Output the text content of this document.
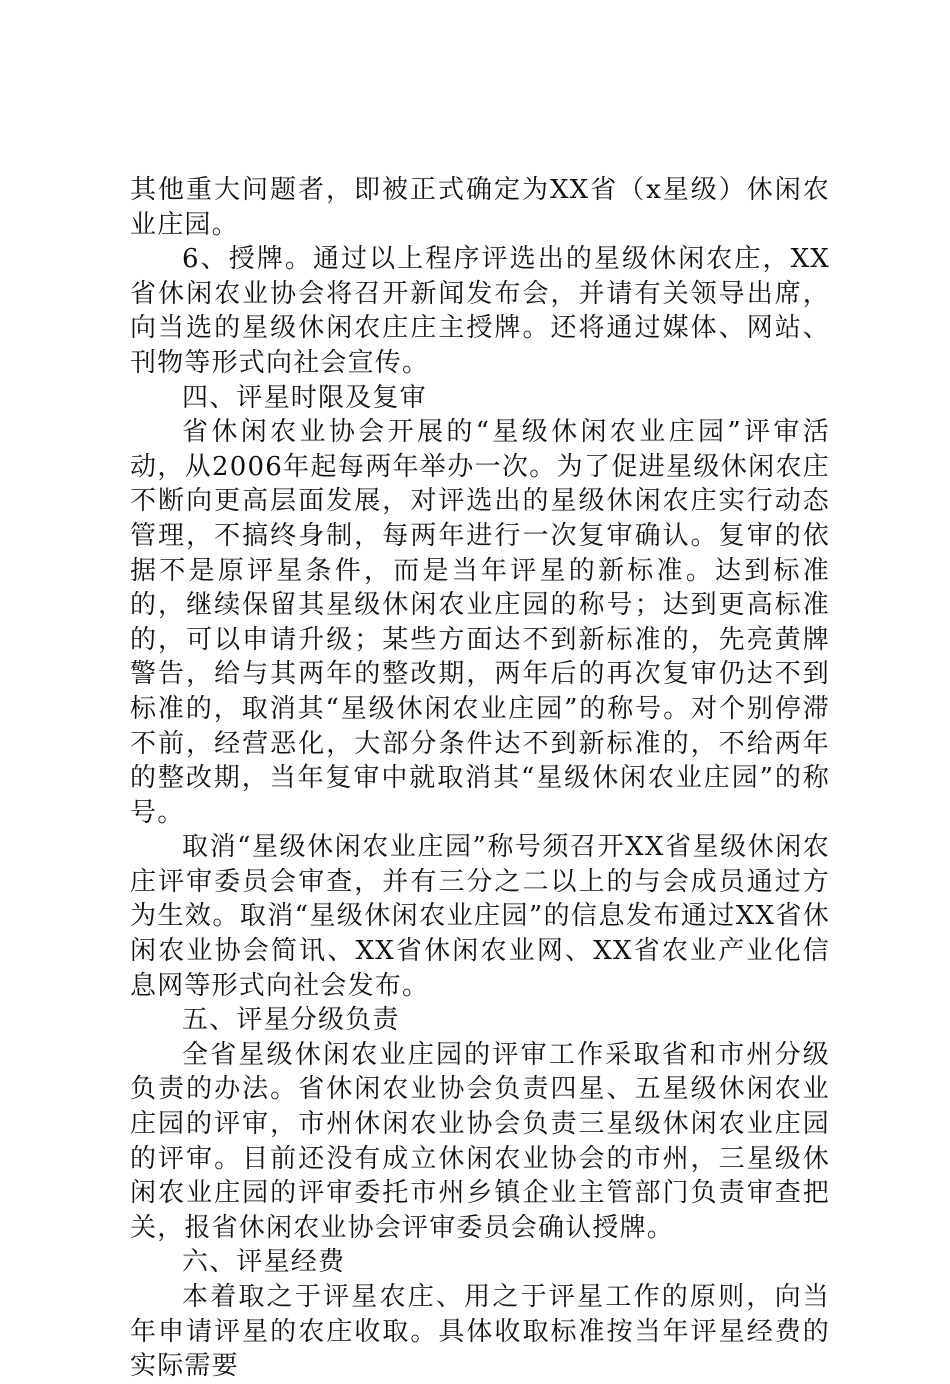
其他重大问题者，即被正式确定为XX省（x星级）休闲农业庄园。

6、授牌。通过以上程序评选出的星级休闲农庄，XX省休闲农业协会将召开新闻发布会，并请有关领导出席，向当选的星级休闲农庄庄主授牌。还将通过媒体、网站、刊物等形式向社会宣传。

四、评星时限及复审

省休闲农业协会开展的“星级休闲农业庄园”评审活动，从2006年起每两年举办一次。为了促进星级休闲农庄不断向更高层面发展，对评选出的星级休闲农庄实行动态管理，不搞终身制，每两年进行一次复审确认。复审的依据不是原评星条件，而是当年评星的新标准。达到标准的，继续保留其星级休闲农业庄园的称号；达到更高标准的，可以申请升级；某些方面达不到新标准的，先亮黄牌警告，给与其两年的整改期，两年后的再次复审仍达不到标准的，取消其“星级休闲农业庄园”的称号。对个别停滞不前，经营恶化，大部分条件达不到新标准的，不给两年的整改期，当年复审中就取消其“星级休闲农业庄园”的称号。

取消“星级休闲农业庄园”称号须召开XX省星级休闲农庄评审委员会审查，并有三分之二以上的与会成员通过方为生效。取消“星级休闲农业庄园”的信息发布通过XX省休闲农业协会简讯、XX省休闲农业网、XX省农业产业化信息网等形式向社会发布。

五、评星分级负责

全省星级休闲农业庄园的评审工作采取省和市州分级负责的办法。省休闲农业协会负责四星、五星级休闲农业庄园的评审，市州休闲农业协会负责三星级休闲农业庄园的评审。目前还没有成立休闲农业协会的市州，三星级休闲农业庄园的评审委托市州乡镇企业主管部门负责审查把关，报省休闲农业协会评审委员会确认授牌。

六、评星经费

本着取之于评星农庄、用之于评星工作的原则，向当年申请评星的农庄收取。具体收取标准按当年评星经费的实际需要
